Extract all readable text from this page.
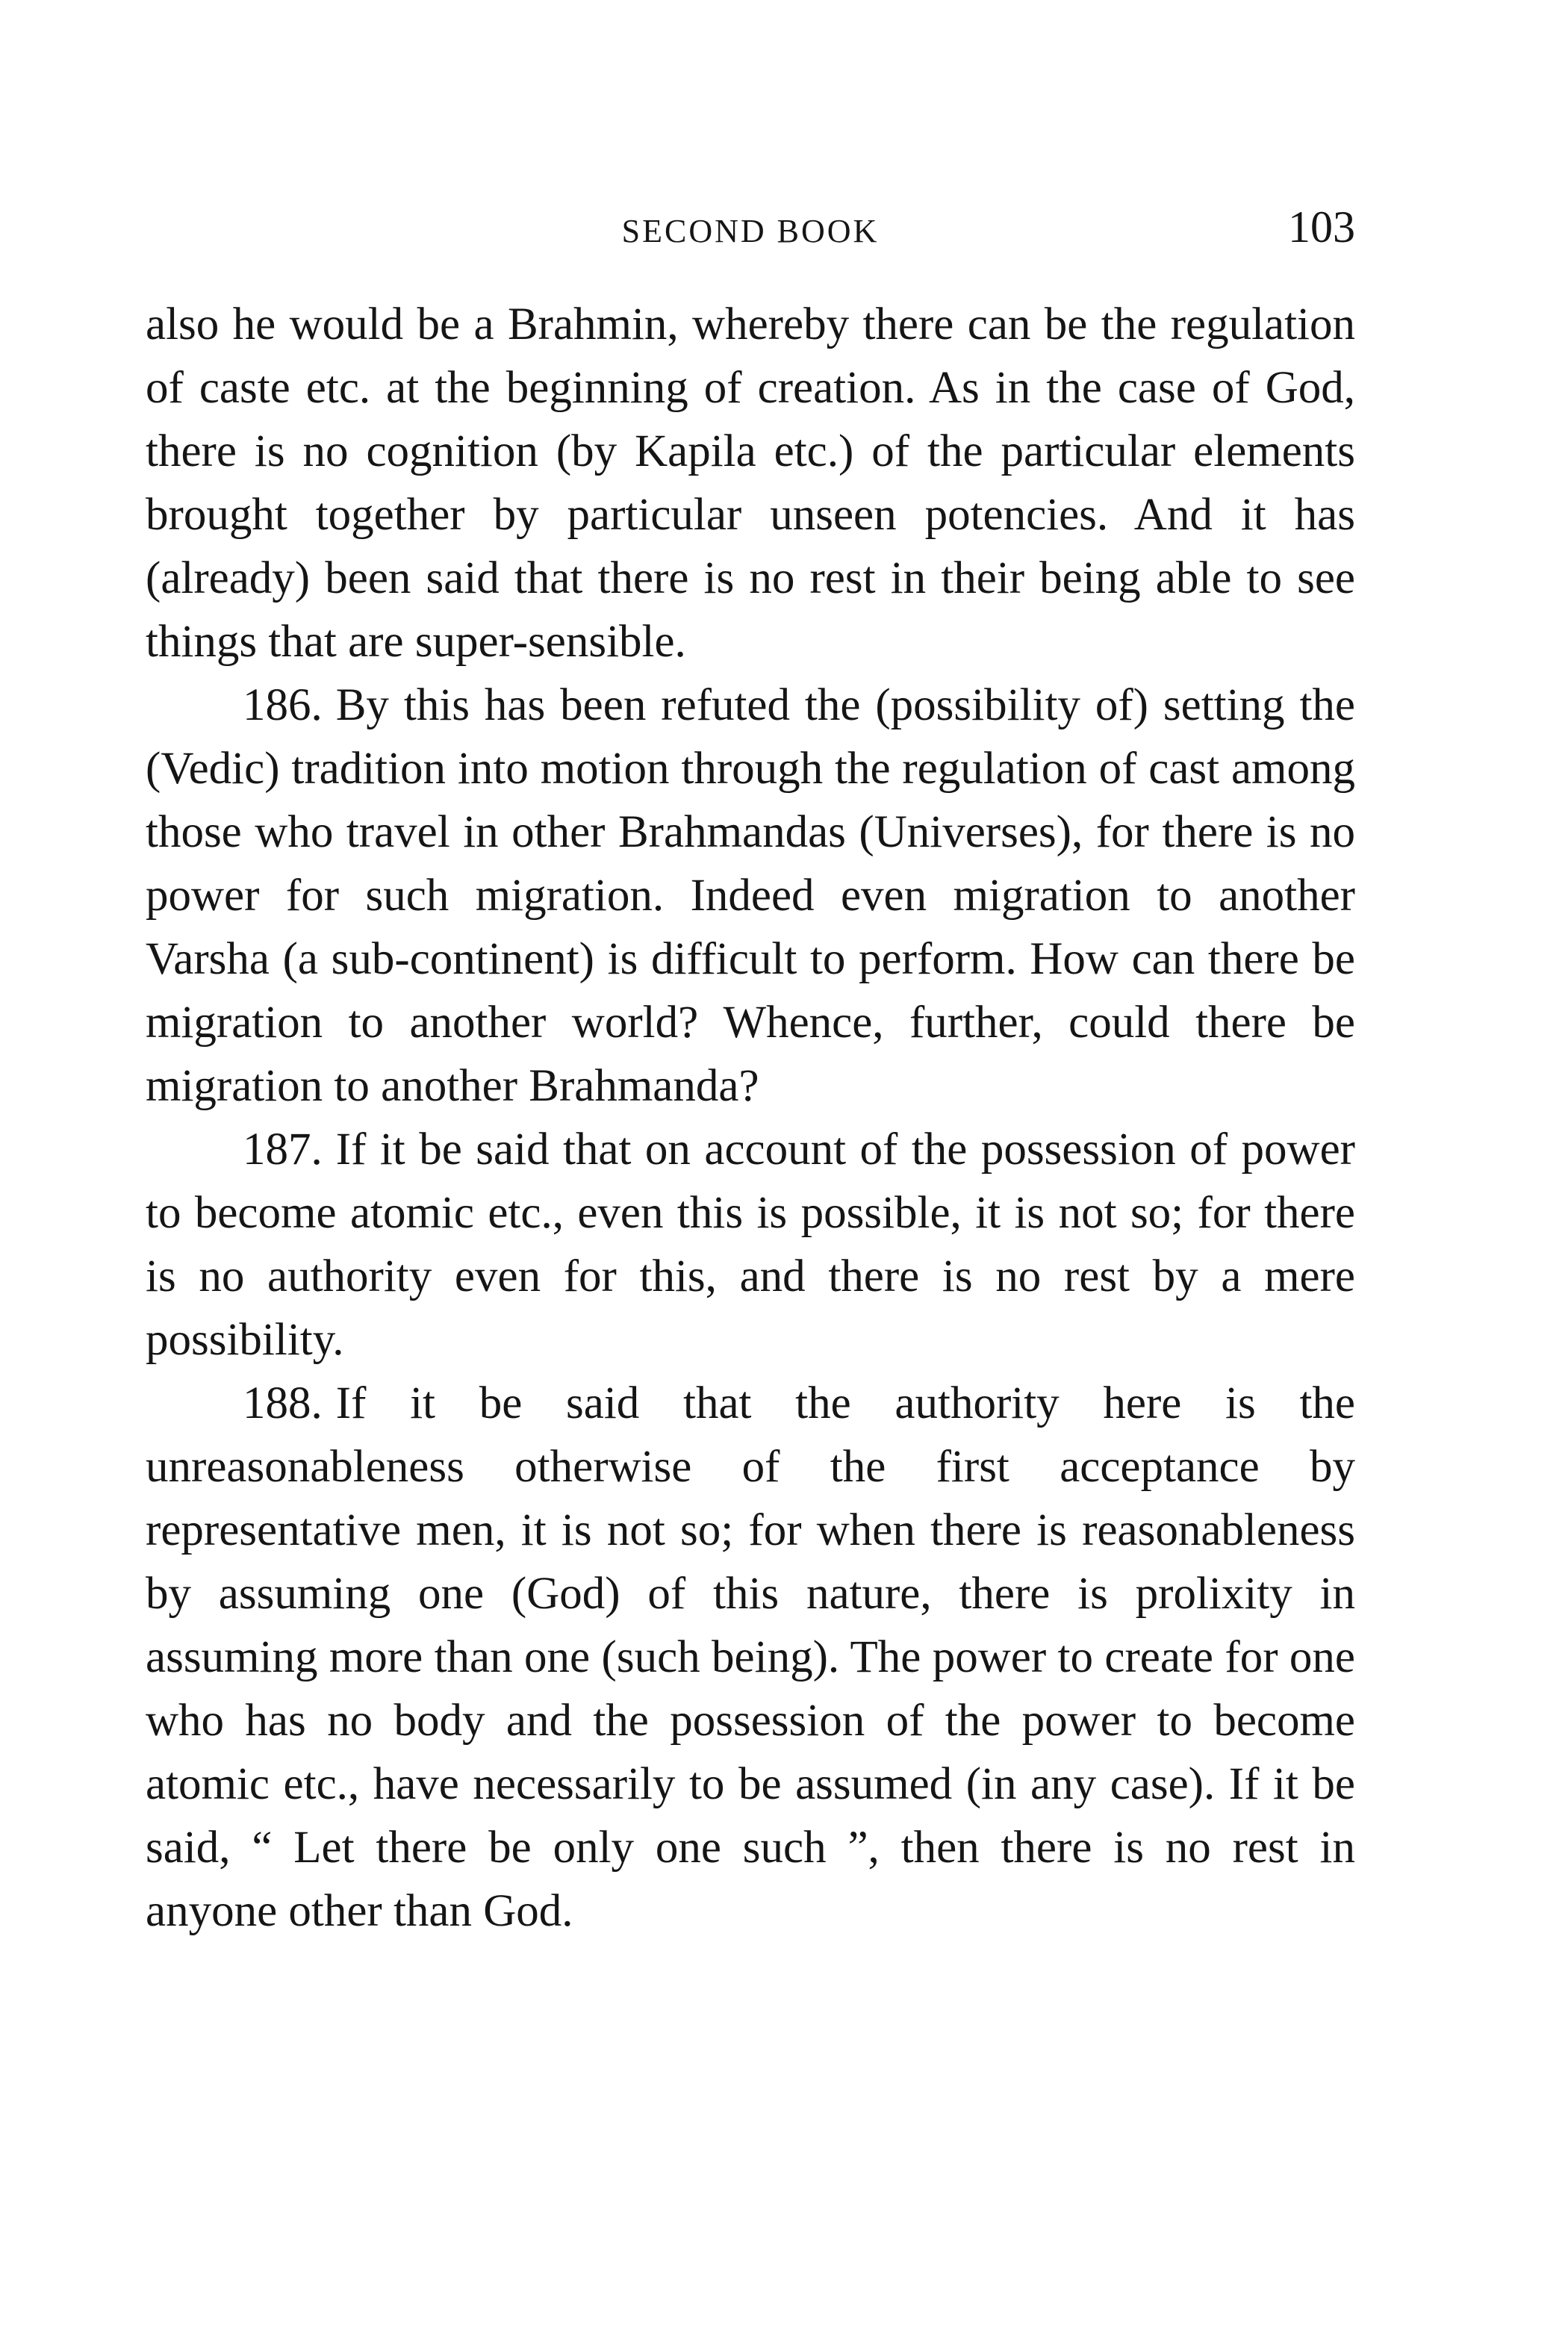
SECOND BOOK	103

also he would be a Brahmin, whereby there can be the regulation of caste etc. at the beginning of creation. As in the case of God, there is no cognition (by Kapila etc.) of the particular elements brought together by particular unseen potencies. And it has (already) been said that there is no rest in their being able to see things that are super-sensible.

186. By this has been refuted the (possibility of) setting the (Vedic) tradition into motion through the regulation of cast among those who travel in other Brahmandas (Universes), for there is no power for such migration. Indeed even migration to another Varsha (a sub-continent) is difficult to perform. How can there be migration to another world? Whence, further, could there be migration to another Brahmanda?

187. If it be said that on account of the possession of power to become atomic etc., even this is possible, it is not so; for there is no authority even for this, and there is no rest by a mere possibility.

188. If it be said that the authority here is the unreasonableness otherwise of the first acceptance by representative men, it is not so; for when there is reasonableness by assuming one (God) of this nature, there is prolixity in assuming more than one (such being). The power to create for one who has no body and the possession of the power to become atomic etc., have necessarily to be assumed (in any case). If it be said, “ Let there be only one such ”, then there is no rest in anyone other than God.
